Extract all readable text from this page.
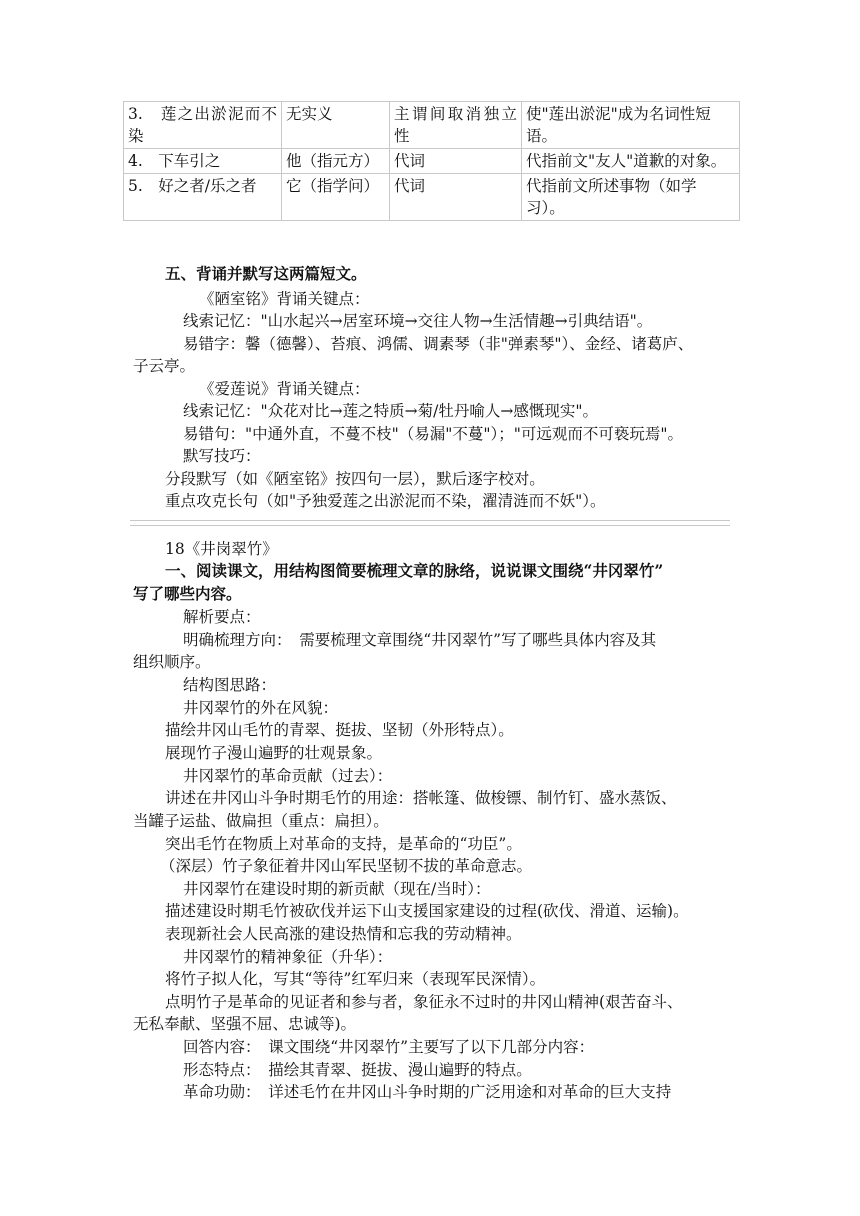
3.　莲之出淤泥而不染	无实义	主谓间取消独立性	使"莲出淤泥"成为名词性短语。
4.　下车引之	他（指元方）	代词	代指前文"友人"道歉的对象。
5.　好之者/乐之者	它（指学问）	代词	代指前文所述事物（如学习）。
五、背诵并默写这两篇短文。
《陋室铭》背诵关键点：
线索记忆："山水起兴→居室环境→交往人物→生活情趣→引典结语"。
易错字：馨（德馨）、苔痕、鸿儒、调素琴（非"弹素琴"）、金经、诸葛庐、
子云亭。
《爱莲说》背诵关键点：
线索记忆："众花对比→莲之特质→菊/牡丹喻人→感慨现实"。
易错句："中通外直，不蔓不枝"（易漏"不蔓"）；"可远观而不可亵玩焉"。
默写技巧：
分段默写（如《陋室铭》按四句一层），默后逐字校对。
重点攻克长句（如"予独爱莲之出淤泥而不染，濯清涟而不妖"）。
18《井岗翠竹》
一、阅读课文，用结构图简要梳理文章的脉络，说说课文围绕“井冈翠竹”
写了哪些内容。
解析要点：
明确梳理方向：　需要梳理文章围绕“井冈翠竹”写了哪些具体内容及其
组织顺序。
结构图思路：
井冈翠竹的外在风貌：
描绘井冈山毛竹的青翠、挺拔、坚韧（外形特点）。
展现竹子漫山遍野的壮观景象。
井冈翠竹的革命贡献（过去）：
讲述在井冈山斗争时期毛竹的用途：搭帐篷、做梭镖、制竹钉、盛水蒸饭、
当罐子运盐、做扁担（重点：扁担）。
突出毛竹在物质上对革命的支持，是革命的“功臣”。
（深层）竹子象征着井冈山军民坚韧不拔的革命意志。
井冈翠竹在建设时期的新贡献（现在/当时）：
描述建设时期毛竹被砍伐并运下山支援国家建设的过程(砍伐、滑道、运输)。
表现新社会人民高涨的建设热情和忘我的劳动精神。
井冈翠竹的精神象征（升华）：
将竹子拟人化，写其“等待”红军归来（表现军民深情）。
点明竹子是革命的见证者和参与者，象征永不过时的井冈山精神(艰苦奋斗、
无私奉献、坚强不屈、忠诚等)。
回答内容：　课文围绕“井冈翠竹”主要写了以下几部分内容：
形态特点：　描绘其青翠、挺拔、漫山遍野的特点。
革命功勋：　详述毛竹在井冈山斗争时期的广泛用途和对革命的巨大支持
